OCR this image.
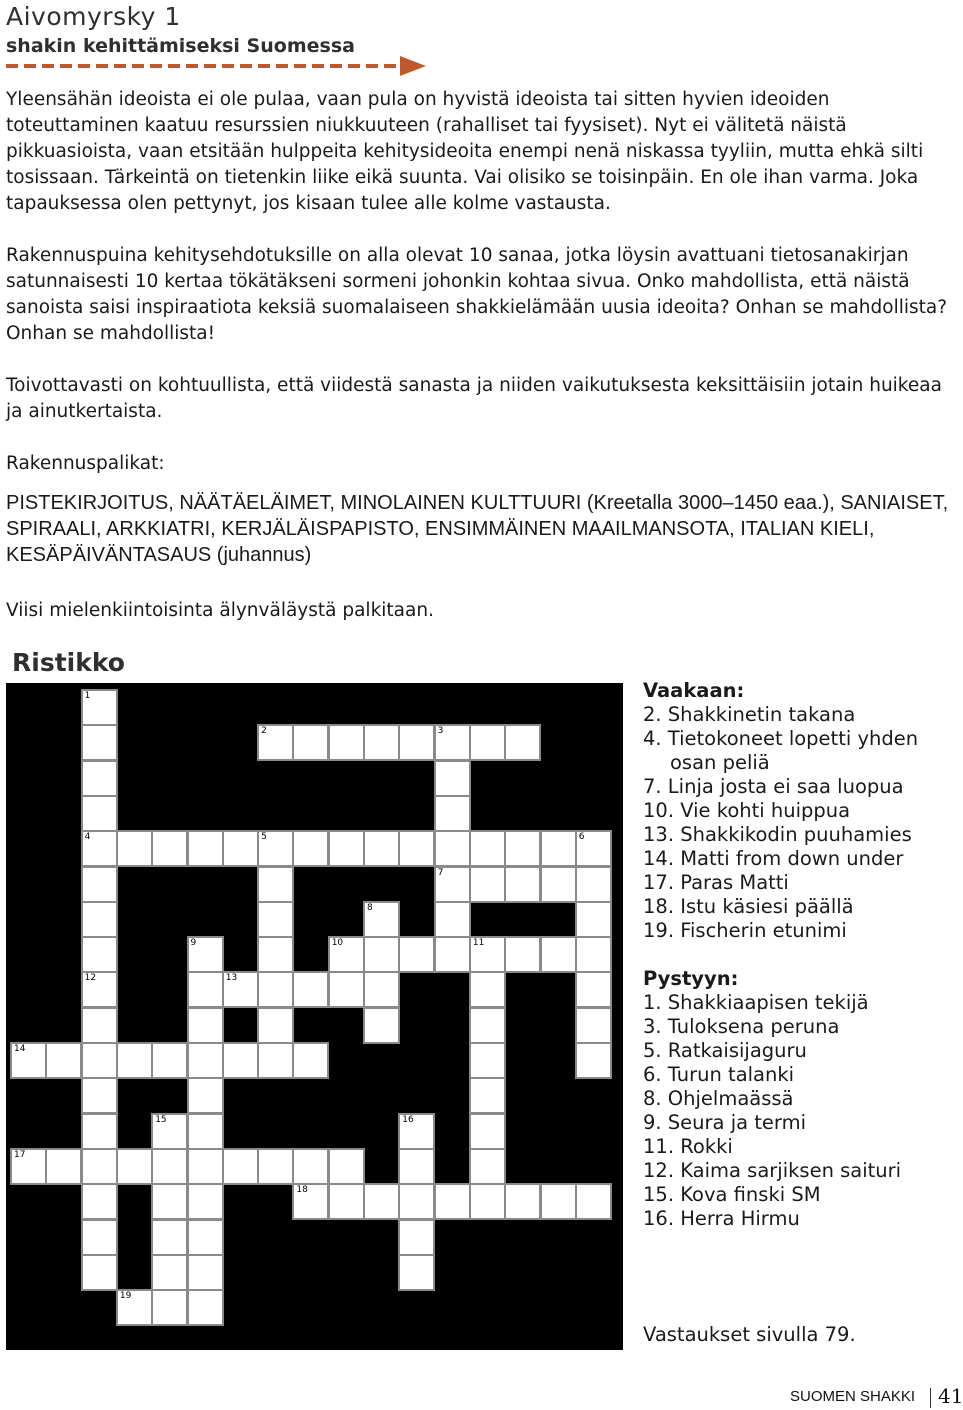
Aivomyrsky 1
shakin kehittämiseksi Suomessa

Yleensähän ideoista ei ole pulaa, vaan pula on hyvistä ideoista tai sitten hyvien ideoiden toteuttaminen kaatuu resurssien niukkuuteen (rahalliset tai fyysiset). Nyt ei välitetä näistä pikkuasioista, vaan etsitään hulppeita kehitysideoita enempi nenä niskassa tyyliin, mutta ehkä silti tosissaan. Tärkeintä on tietenkin liike eikä suunta. Vai olisiko se toisinpäin. En ole ihan varma. Joka tapauksessa olen pettynyt, jos kisaan tulee alle kolme vastausta.

Rakennuspuina kehitysehdotuksille on alla olevat 10 sanaa, jotka löysin avattuani tietosanakirjan satunnaisesti 10 kertaa tökätäkseni sormeni johonkin kohtaa sivua. Onko mahdollista, että näistä sanoista saisi inspiraatiota keksiä suomalaiseen shakkielämään uusia ideoita? Onhan se mahdollista? Onhan se mahdollista!

Toivottavasti on kohtuullista, että viidestä sanasta ja niiden vaikutuksesta keksittäisiin jotain huikeaa ja ainutkertaista.

Rakennuspalikat:

PISTEKIRJOITUS, NÄÄTÄELÄIMET, MINOLAINEN KULTTUURI (Kreetalla 3000–1450 eaa.), SANIAISET, SPIRAALI, ARKKIATRI, KERJÄLÄISPAPISTO, ENSIMMÄINEN MAAILMANSOTA, ITALIAN KIELI, KESÄPÄIVÄNTASAUS (juhannus)

Viisi mielenkiintoisinta älynväläystä palkitaan.

Ristikko
2	3
4	5	6
7
10	11
13
14
17
18
19
1
12
8
9
15	16
Vaakaan:
2. Shakkinetin takana
4. Tietokoneet lopetti yhden
osan peliä
7. Linja josta ei saa luopua
10. Vie kohti huippua
13. Shakkikodin puuhamies
14. Matti from down under
17. Paras Matti
18. Istu käsiesi päällä
19. Fischerin etunimi
Pystyyn:
1. Shakkiaapisen tekijä
3. Tuloksena peruna
5. Ratkaisijaguru
6. Turun talanki
8. Ohjelmaässä
9. Seura ja termi
11. Rokki
12. Kaima sarjiksen saituri
15. Kova finski SM
16. Herra Hirmu
Vastaukset sivulla 79.
SUOMEN SHAKKI 41
